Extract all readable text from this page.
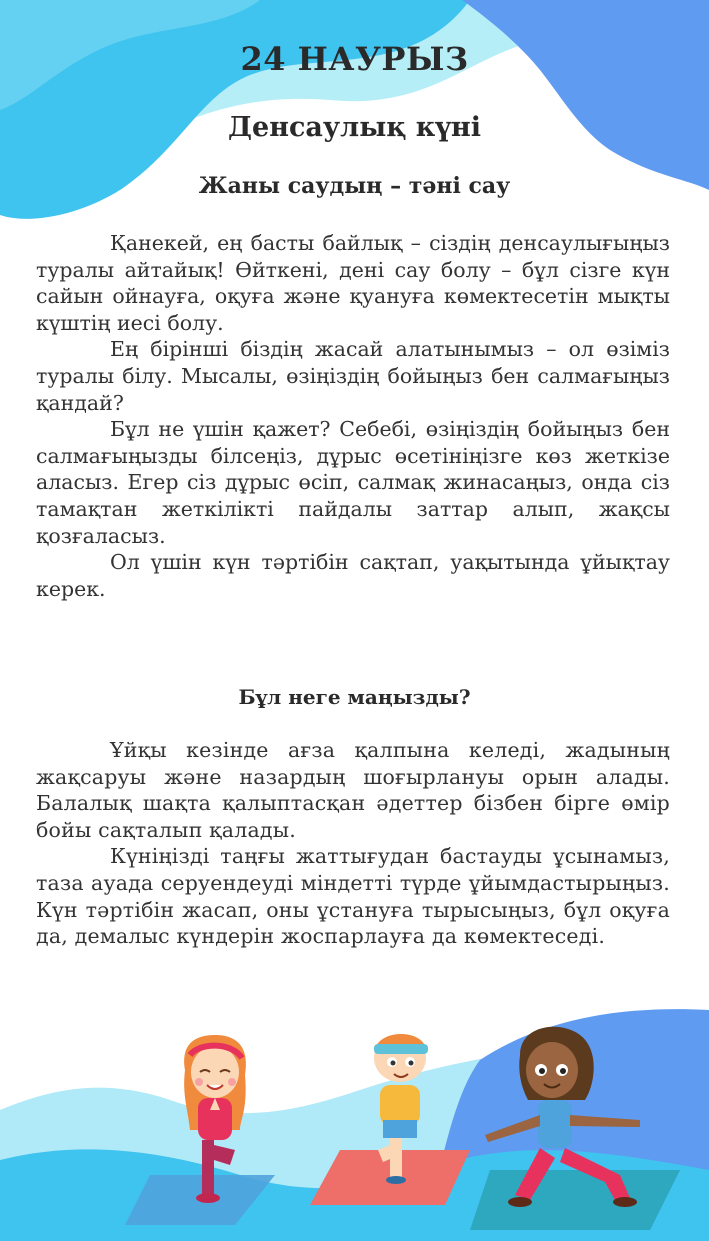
24 НАУРЫЗ
Денсаулық күні
Жаны саудың – тәні сау

Қанекей, ең басты байлық – сіздің денсаулығыңыз туралы айтайық! Өйткені, дені сау болу – бұл сізге күн сайын ойнауға, оқуға және қуануға көмектесетін мықты күштің иесі болу.

Ең бірінші біздің жасай алатынымыз – ол өзіміз туралы білу. Мысалы, өзіңіздің бойыңыз бен салмағыңыз қандай?

Бұл не үшін қажет? Себебі, өзіңіздің бойыңыз бен салмағыңызды білсеңіз, дұрыс өсетініңізге көз жеткізе аласыз. Егер сіз дұрыс өсіп, салмақ жинасаңыз, онда сіз тамақтан жеткілікті пайдалы заттар алып, жақсы қозғаласыз.

Ол үшін күн тәртібін сақтап, уақытында ұйықтау керек.

Бұл неге маңызды?

Ұйқы кезінде ағза қалпына келеді, жадының жақсаруы және назардың шоғырлануы орын алады. Балалық шақта қалыптасқан әдеттер бізбен бірге өмір бойы сақталып қалады.

Күніңізді таңғы жаттығудан бастауды ұсынамыз, таза ауада серуендеуді міндетті түрде ұйымдастырыңыз. Күн тәртібін жасап, оны ұстануға тырысыңыз, бұл оқуға да, демалыс күндерін жоспарлауға да көмектеседі.
